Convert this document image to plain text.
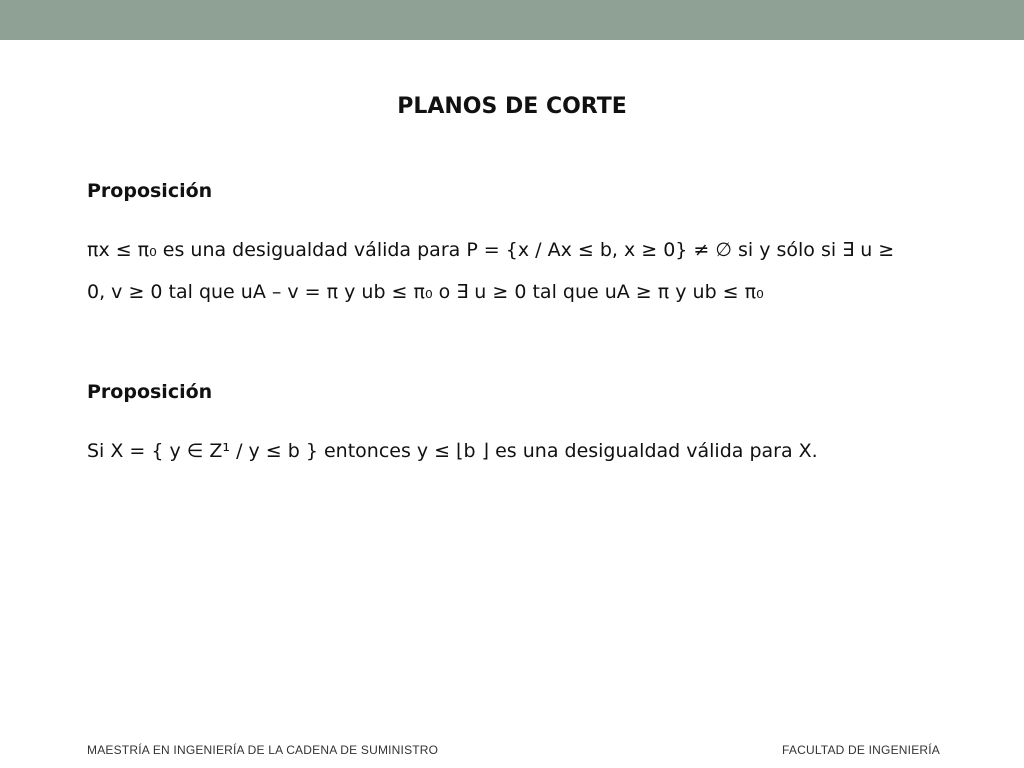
PLANOS DE CORTE
Proposición
πx ≤ π₀ es una desigualdad válida para P = {x / Ax ≤ b, x ≥ 0} ≠ ∅ si y sólo si ∃ u ≥
0, v ≥ 0 tal que uA – v = π y ub ≤ π₀ o ∃ u ≥ 0 tal que uA ≥ π y ub ≤ π₀
Proposición
Si X = { y ∈ Z¹ / y ≤ b } entonces y ≤ ⌊b ⌋ es una desigualdad válida para X.
MAESTRÍA EN INGENIERÍA DE LA CADENA DE SUMINISTRO	FACULTAD DE INGENIERÍA
